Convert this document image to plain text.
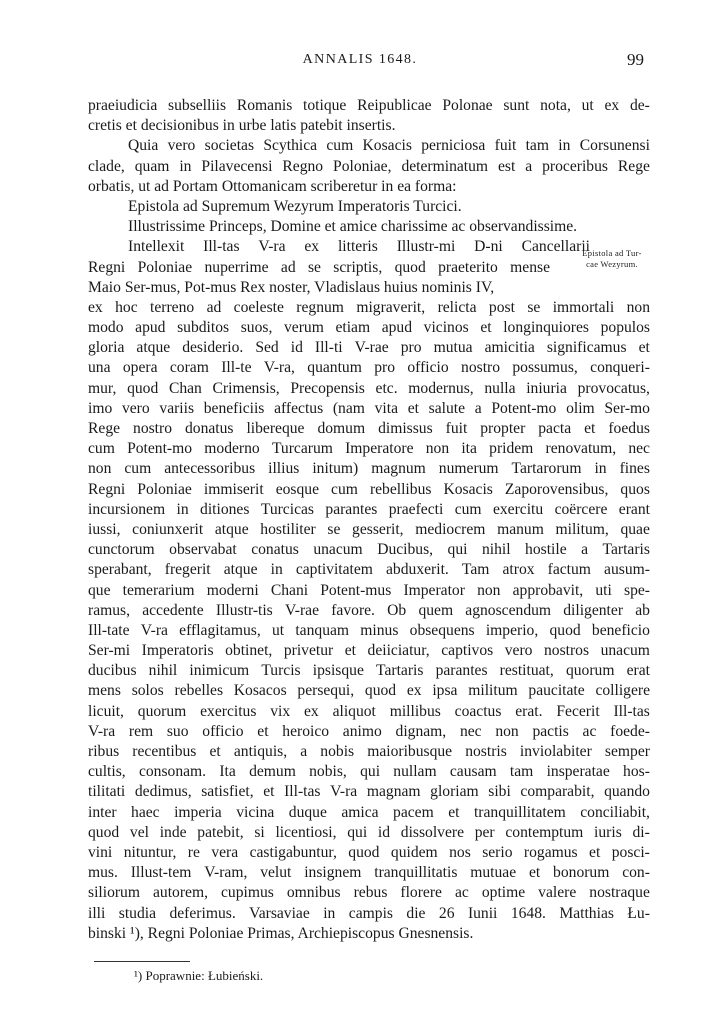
ANNALIS 1648.	99
praeiudicia subselliis Romanis totique Reipublicae Polonae sunt nota, ut ex de-
cretis et decisionibus in urbe latis patebit insertis.
Quia vero societas Scythica cum Kosacis perniciosa fuit tam in Corsunensi
clade, quam in Pilavecensi Regno Poloniae, determinatum est a proceribus Rege
orbatis, ut ad Portam Ottomanicam scriberetur in ea forma:
Epistola ad Supremum Wezyrum Imperatoris Turcici.
Illustrissime Princeps, Domine et amice charissime ac observandissime.
Intellexit Ill-tas V-ra ex litteris Illustr-mi D-ni Cancellarii
Regni Poloniae nuperrime ad se scriptis, quod praeterito mense
Maio Ser-mus, Pot-mus Rex noster, Vladislaus huius nominis IV,
ex hoc terreno ad coeleste regnum migraverit, relicta post se immortali non
modo apud subditos suos, verum etiam apud vicinos et longinquiores populos
gloria atque desiderio. Sed id Ill-ti V-rae pro mutua amicitia significamus et
una opera coram Ill-te V-ra, quantum pro officio nostro possumus, conqueri-
mur, quod Chan Crimensis, Precopensis etc. modernus, nulla iniuria provocatus,
imo vero variis beneficiis affectus (nam vita et salute a Potent-mo olim Ser-mo
Rege nostro donatus libereque domum dimissus fuit propter pacta et foedus
cum Potent-mo moderno Turcarum Imperatore non ita pridem renovatum, nec
non cum antecessoribus illius initum) magnum numerum Tartarorum in fines
Regni Poloniae immiserit eosque cum rebellibus Kosacis Zaporovensibus, quos
incursionem in ditiones Turcicas parantes praefecti cum exercitu coërcere erant
iussi, coniunxerit atque hostiliter se gesserit, mediocrem manum militum, quae
cunctorum observabat conatus unacum Ducibus, qui nihil hostile a Tartaris
sperabant, fregerit atque in captivitatem abduxerit. Tam atrox factum ausum-
que temerarium moderni Chani Potent-mus Imperator non approbavit, uti spe-
ramus, accedente Illustr-tis V-rae favore. Ob quem agnoscendum diligenter ab
Ill-tate V-ra efflagitamus, ut tanquam minus obsequens imperio, quod beneficio
Ser-mi Imperatoris obtinet, privetur et deiiciatur, captivos vero nostros unacum
ducibus nihil inimicum Turcis ipsisque Tartaris parantes restituat, quorum erat
mens solos rebelles Kosacos persequi, quod ex ipsa militum paucitate colligere
licuit, quorum exercitus vix ex aliquot millibus coactus erat. Fecerit Ill-tas
V-ra rem suo officio et heroico animo dignam, nec non pactis ac foede-
ribus recentibus et antiquis, a nobis maioribusque nostris inviolabiter semper
cultis, consonam. Ita demum nobis, qui nullam causam tam insperatae hos-
tilitati dedimus, satisfiet, et Ill-tas V-ra magnam gloriam sibi comparabit, quando
inter haec imperia vicina duque amica pacem et tranquillitatem conciliabit,
quod vel inde patebit, si licentiosi, qui id dissolvere per contemptum iuris di-
vini nituntur, re vera castigabuntur, quod quidem nos serio rogamus et posci-
mus. Illust-tem V-ram, velut insignem tranquillitatis mutuae et bonorum con-
siliorum autorem, cupimus omnibus rebus florere ac optime valere nostraque
illi studia deferimus. Varsaviae in campis die 26 Iunii 1648. Matthias Łu-
binski ¹), Regni Poloniae Primas, Archiepiscopus Gnesnensis.
Epistola ad Tur-
cae Wezyrum.
¹) Poprawnie: Łubieński.
